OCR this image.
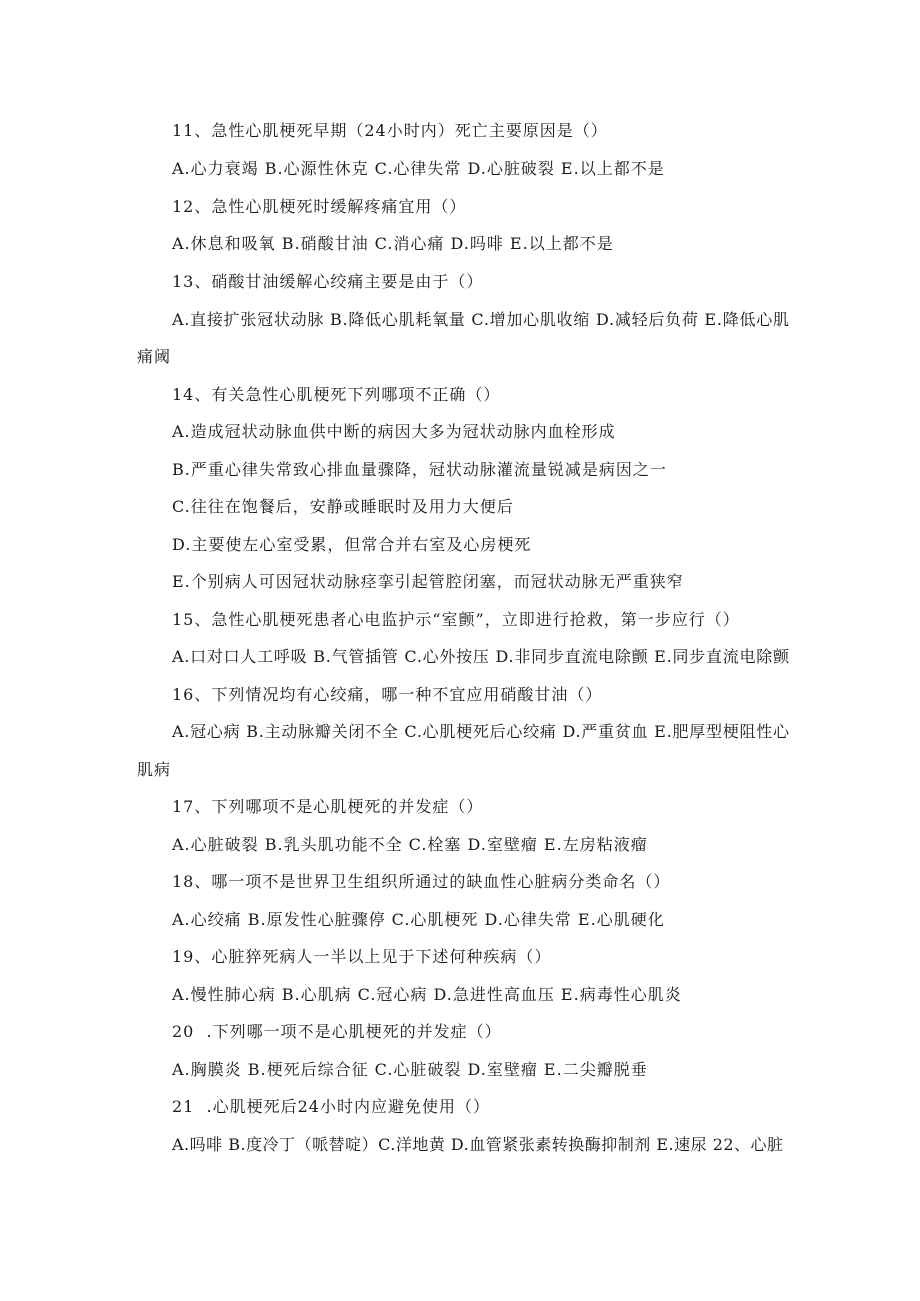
11、急性心肌梗死早期（24小时内）死亡主要原因是（）
A.心力衰竭 B.心源性休克 C.心律失常 D.心脏破裂 E.以上都不是
12、急性心肌梗死时缓解疼痛宜用（）
A.休息和吸氧 B.硝酸甘油 C.消心痛 D.吗啡 E.以上都不是
13、硝酸甘油缓解心绞痛主要是由于（）
A.直接扩张冠状动脉 B.降低心肌耗氧量 C.增加心肌收缩 D.减轻后负荷 E.降低心肌
痛阈
14、有关急性心肌梗死下列哪项不正确（）
A.造成冠状动脉血供中断的病因大多为冠状动脉内血栓形成
B.严重心律失常致心排血量骤降，冠状动脉灌流量锐减是病因之一
C.往往在饱餐后，安静或睡眠时及用力大便后
D.主要使左心室受累，但常合并右室及心房梗死
E.个别病人可因冠状动脉痉挛引起管腔闭塞，而冠状动脉无严重狭窄
15、急性心肌梗死患者心电监护示“室颤”，立即进行抢救，第一步应行（）
A.口对口人工呼吸 B.气管插管 C.心外按压 D.非同步直流电除颤 E.同步直流电除颤
16、下列情况均有心绞痛，哪一种不宜应用硝酸甘油（）
A.冠心病 B.主动脉瓣关闭不全 C.心肌梗死后心绞痛 D.严重贫血 E.肥厚型梗阻性心
肌病
17、下列哪项不是心肌梗死的并发症（）
A.心脏破裂 B.乳头肌功能不全 C.栓塞 D.室壁瘤 E.左房粘液瘤
18、哪一项不是世界卫生组织所通过的缺血性心脏病分类命名（）
A.心绞痛 B.原发性心脏骤停 C.心肌梗死 D.心律失常 E.心肌硬化
19、心脏猝死病人一半以上见于下述何种疾病（）
A.慢性肺心病 B.心肌病 C.冠心病 D.急进性高血压 E.病毒性心肌炎
20  .下列哪一项不是心肌梗死的并发症（）
A.胸膜炎 B.梗死后综合征 C.心脏破裂 D.室壁瘤 E.二尖瓣脱垂
21  .心肌梗死后24小时内应避免使用（）
A.吗啡 B.度冷丁（哌替啶）C.洋地黄 D.血管紧张素转换酶抑制剂 E.速尿 22、心脏
